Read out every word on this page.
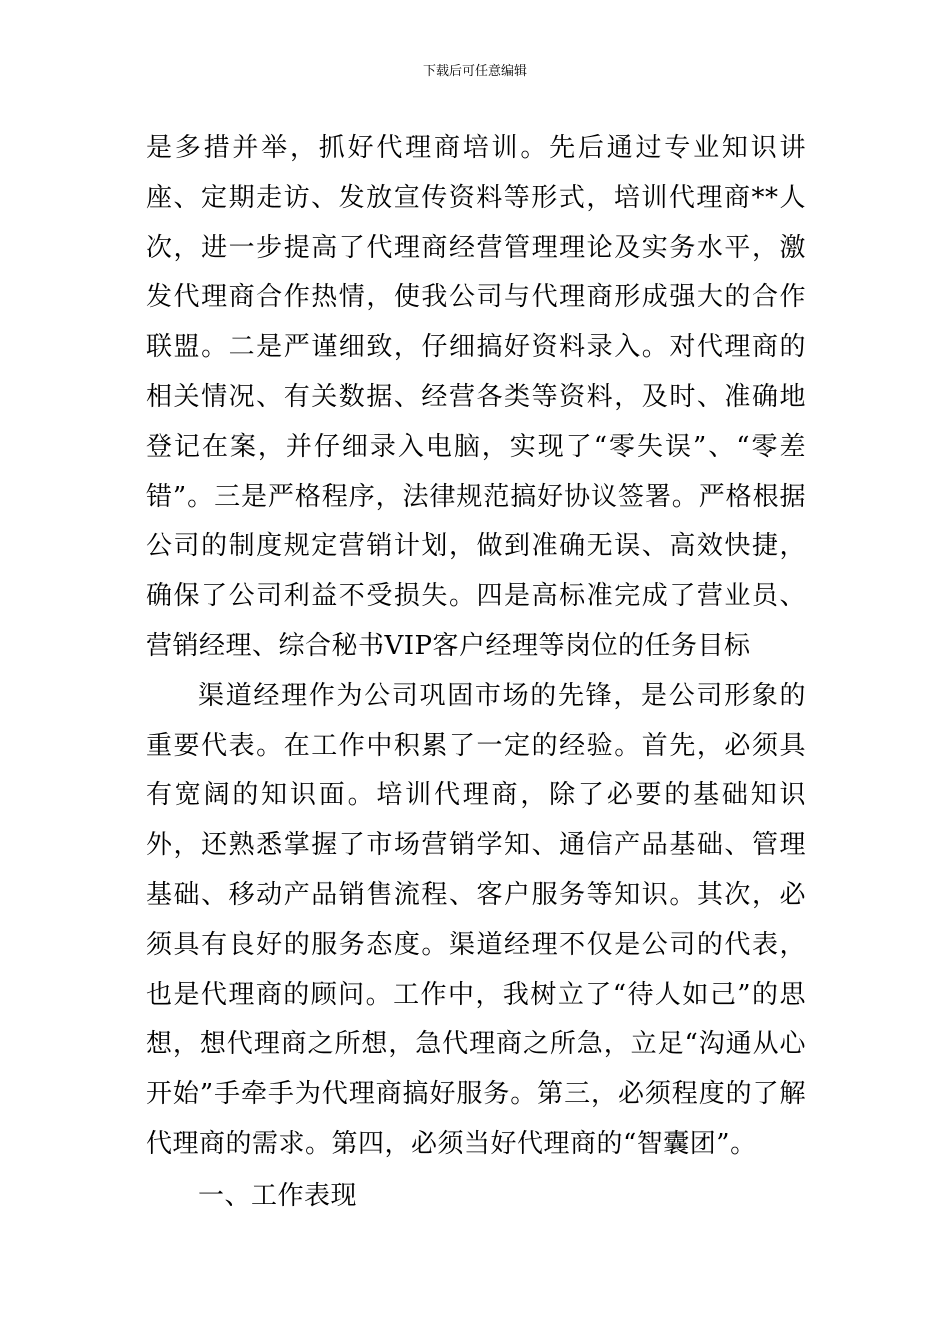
下载后可任意编辑

是多措并举，抓好代理商培训。先后通过专业知识讲座、定期走访、发放宣传资料等形式，培训代理商**人次，进一步提高了代理商经营管理理论及实务水平，激发代理商合作热情，使我公司与代理商形成强大的合作联盟。二是严谨细致，仔细搞好资料录入。对代理商的相关情况、有关数据、经营各类等资料，及时、准确地登记在案，并仔细录入电脑，实现了“零失误”、“零差错”。三是严格程序，法律规范搞好协议签署。严格根据公司的制度规定营销计划，做到准确无误、高效快捷，确保了公司利益不受损失。四是高标准完成了营业员、营销经理、综合秘书VIP客户经理等岗位的任务目标

渠道经理作为公司巩固市场的先锋，是公司形象的重要代表。在工作中积累了一定的经验。首先，必须具有宽阔的知识面。培训代理商，除了必要的基础知识外，还熟悉掌握了市场营销学知、通信产品基础、管理基础、移动产品销售流程、客户服务等知识。其次，必须具有良好的服务态度。渠道经理不仅是公司的代表，也是代理商的顾问。工作中，我树立了“待人如己”的思想，想代理商之所想，急代理商之所急，立足“沟通从心开始”手牵手为代理商搞好服务。第三，必须程度的了解代理商的需求。第四，必须当好代理商的“智囊团”。

一、工作表现
